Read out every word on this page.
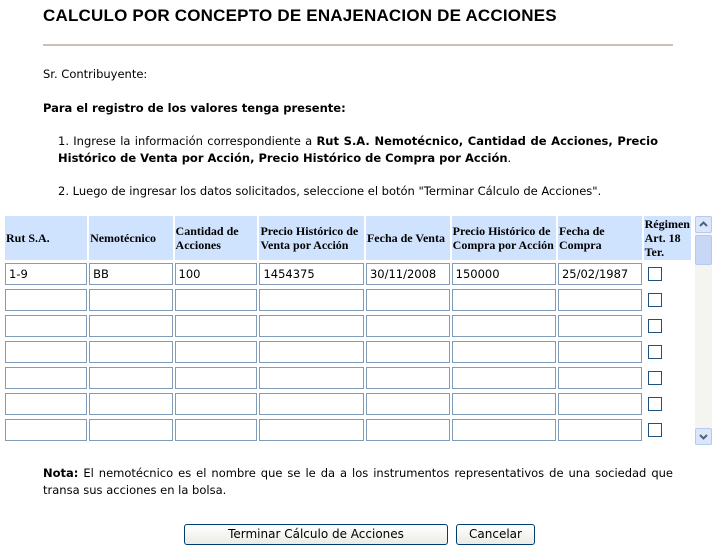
CALCULO POR CONCEPTO DE ENAJENACION DE ACCIONES
Sr. Contribuyente:
Para el registro de los valores tenga presente:
1. Ingrese la información correspondiente a Rut S.A. Nemotécnico, Cantidad de Acciones, Precio Histórico de Venta por Acción, Precio Histórico de Compra por Acción.
2. Luego de ingresar los datos solicitados, seleccione el botón "Terminar Cálculo de Acciones".
Rut S.A.	Nemotécnico	Cantidad de Acciones	Precio Histórico de Venta por Acción	Fecha de Venta	Precio Histórico de Compra por Acción	Fecha de Compra	Régimen Art. 18 Ter.

1-9	BB	100	1454375	30/11/2008	150000	25/02/1987	

Nota: El nemotécnico es el nombre que se le da a los instrumentos representativos de una sociedad que transa sus acciones en la bolsa.
Terminar Cálculo de Acciones	Cancelar
